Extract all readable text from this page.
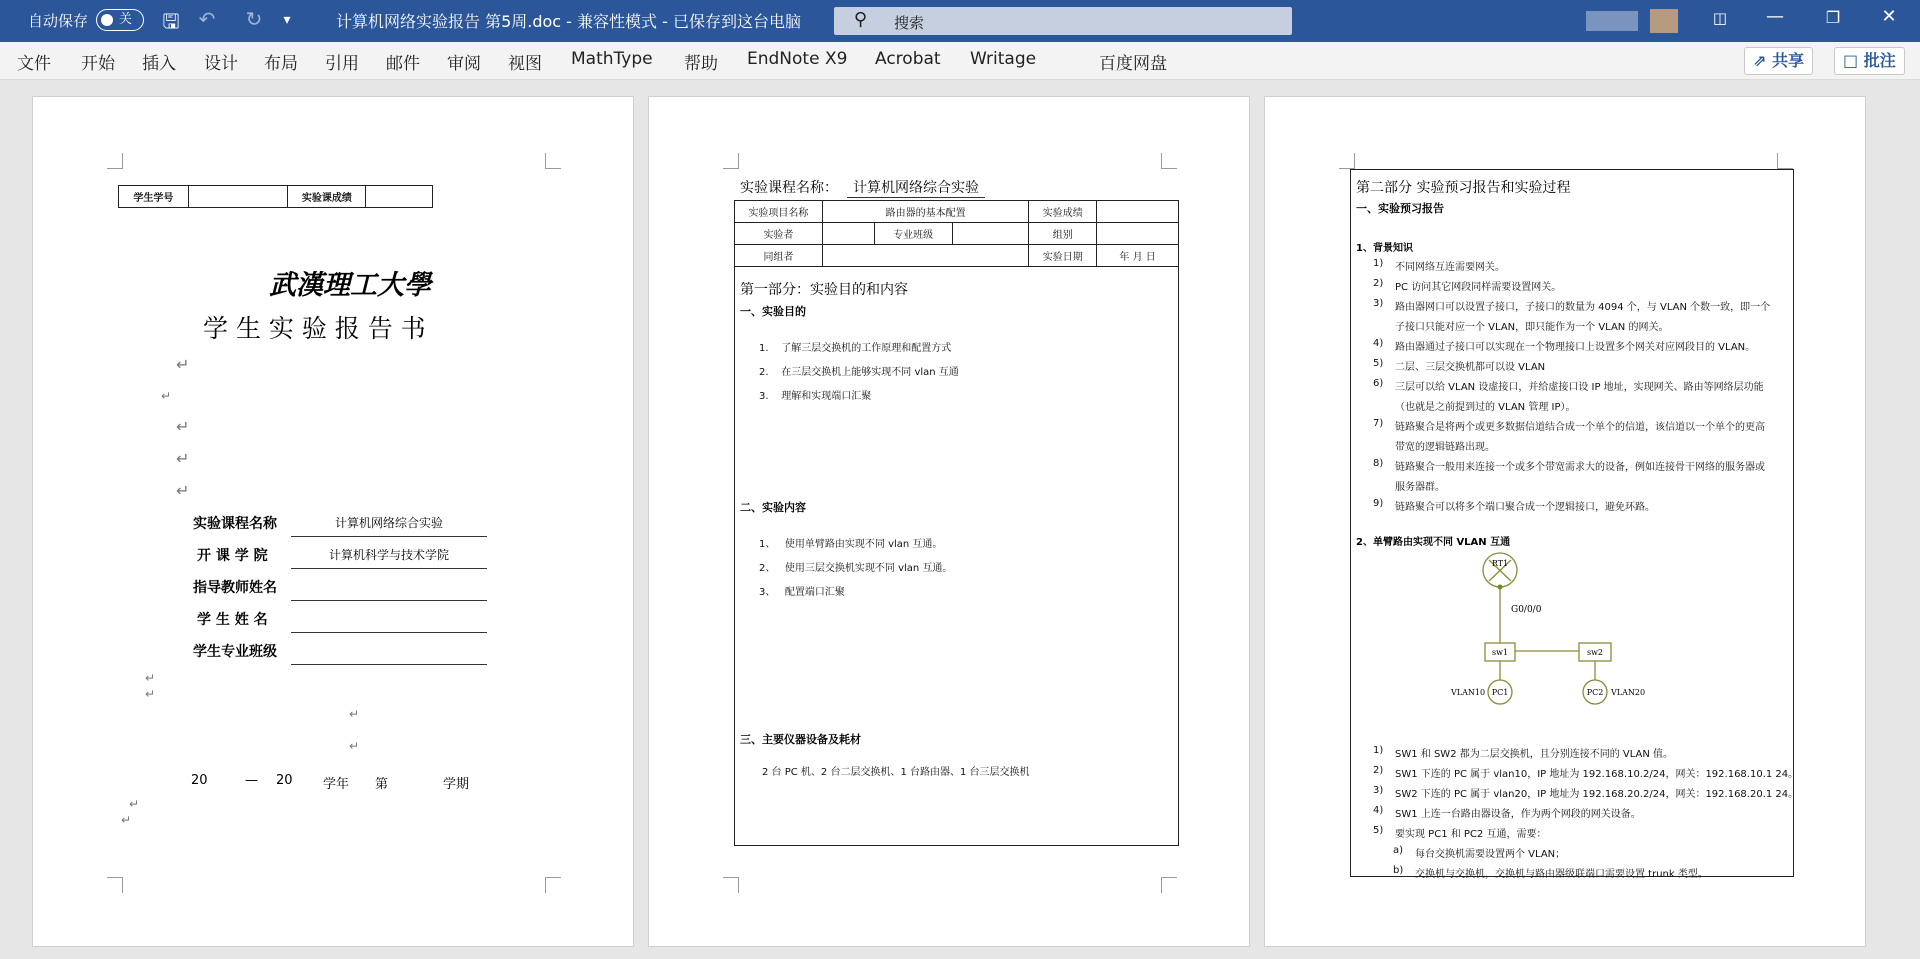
自动保存	关	🖫 ↶ ↻	▾	计算机网络实验报告 第5周.doc - 兼容性模式 - 已保存到这台电脑	⚲ 搜索	◫	—	❐	✕
文件 开始 插入 设计 布局 引用 邮件 审阅 视图 MathType 帮助 EndNote X9 Acrobat Writage	百度网盘	⇗ 共享	□ 批注
学生学号		实验课成绩	
武漢理工大學
学 生 实 验 报 告 书
↵
↵
↵
↵
↵
实验课程名称	计算机网络综合实验
开 课 学 院	计算机科学与技术学院
指导教师姓名
学 生 姓 名
学生专业班级
↵
↵
↵
↵
20	— 20 学年 第	学期
↵
↵
实验课程名称：	计算机网络综合实验
实验项目名称	路由器的基本配置			实验成绩	
实验者		专业班级		组别	
同组者				实验日期	年 月 日
第一部分：实验目的和内容
一、实验目的
1.    了解三层交换机的工作原理和配置方式
2.    在三层交换机上能够实现不同 vlan 互通
3.    理解和实现端口汇聚
二、实验内容
1、   使用单臂路由实现不同 vlan 互通。
2、   使用三层交换机实现不同 vlan 互通。
3、   配置端口汇聚
三、主要仪器设备及耗材
2 台 PC 机、2 台二层交换机、1 台路由器、1 台三层交换机
第二部分 实验预习报告和实验过程
一、实验预习报告
1、背景知识
1) 不同网络互连需要网关。
2) PC 访问其它网段同样需要设置网关。
3) 路由器网口可以设置子接口，子接口的数量为 4094 个，与 VLAN 个数一致，即一个
子接口只能对应一个 VLAN，即只能作为一个 VLAN 的网关。
4) 路由器通过子接口可以实现在一个物理接口上设置多个网关对应网段目的 VLAN。
5) 二层、三层交换机都可以设 VLAN
6) 三层可以给 VLAN 设虚接口，并给虚接口设 IP 地址，实现网关、路由等网络层功能
（也就是之前提到过的 VLAN 管理 IP）。
7) 链路聚合是将两个或更多数据信道结合成一个单个的信道，该信道以一个单个的更高
带宽的逻辑链路出现。
8) 链路聚合一般用来连接一个或多个带宽需求大的设备，例如连接骨干网络的服务器或
服务器群。
9) 链路聚合可以将多个端口聚合成一个逻辑接口，避免环路。
2、单臂路由实现不同 VLAN 互通
RT1
G0/0/0
sw1	sw2
PC1	PC2
VLAN10	VLAN20
1) SW1 和 SW2 都为二层交换机，且分别连接不同的 VLAN 值。
2) SW1 下连的 PC 属于 vlan10，IP 地址为 192.168.10.2/24，网关：192.168.10.1 24。
3) SW2 下连的 PC 属于 vlan20，IP 地址为 192.168.20.2/24，网关：192.168.20.1 24。
4) SW1 上连一台路由器设备，作为两个网段的网关设备。
5) 要实现 PC1 和 PC2 互通，需要：
a) 每台交换机需要设置两个 VLAN；
b) 交换机与交换机，交换机与路由器级联端口需要设置 trunk 类型。
